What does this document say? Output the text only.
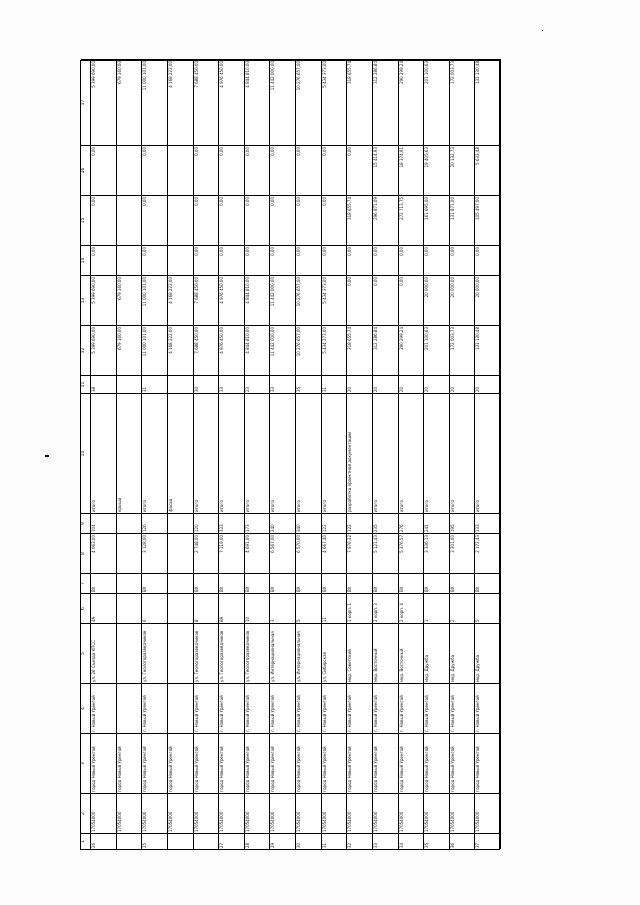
1
2
3
4
5
6
7
8
9
10
11
12
13
14
15
16
17
26
17054000
город Новый Уренгой
г. Новый Уренгой
ул. 26 Съезда КПСС
4А
ВХ
4 063,00
104
итого
38
5 399 690,00
5 399 690,00
0,00
0,00
0,00
5 399 690,00
17054000
город Новый Уренгой
крыша
679 160,00
679 160,00
679 160,00
25
17054000
город Новый Уренгой
г. Новый Уренгой
ул. Геологоразведчиков
6
ВХ
3 128,00
126
итого
31
11 000 101,00
11 000 101,00
0,00
0,00
0,00
11 000 101,00
17054000
город Новый Уренгой
фасад
4 168 222,00
4 168 222,00
4 168 222,00
17054000
город Новый Уренгой
г. Новый Уренгой
ул. Геологоразведчиков
8
ВХ
2 748,00
120
итого
30
7 688 450,00
7 688 450,00
0,00
0,00
0,00
7 688 450,00
27
17054000
город Новый Уренгой
г. Новый Уренгой
ул. Геологоразведчиков
8А
ВХ
7 119,00
333
итого
33
4 976 450,00
4 976 450,00
0,00
0,00
0,00
4 976 450,00
28
17054000
город Новый Уренгой
г. Новый Уренгой
ул. Геологоразведчиков
10
ВХ
4 691,00
173
итого
23
4 844 810,00
4 844 810,00
0,00
0,00
0,00
4 844 810,00
29
17054000
город Новый Уренгой
г. Новый Уренгой
ул. Интернациональная
3
ВХ
6 567,00
240
итого
33
11 442 000,00
11 442 000,00
0,00
0,00
0,00
11 442 000,00
30
17054000
город Новый Уренгой
г. Новый Уренгой
ул. Интернациональная
5
ВХ
6 570,00
340
итого
35
10 276 657,00
10 276 657,00
0,00
0,00
0,00
10 276 657,00
31
17054000
город Новый Уренгой
г. Новый Уренгой
ул. Сибирская
11
ВХ
4 667,40
122
итого
31
5 434 373,00
5 434 373,00
0,00
0,00
0,00
5 434 373,00
32
17054000
город Новый Уренгой
г. Новый Уренгой
мкр. Советский
1 корп. 1
ВХ
7 976,32
122
разработка проектной документации
20
318 655,74
0,00
0,00
318 655,74
0,00
318 655,74
33
17054000
город Новый Уренгой
г. Новый Уренгой
мкр. Восточный
2 корп. 3
ВХ
5 121,43
235
итого
20
312 286,84
0,00
0,00
296 871,09
15 414,93
312 286,84
34
17054000
город Новый Уренгой
г. Новый Уренгой
мкр. Восточный
2 корп. 4
ВХ
5 376,57
276
итого
20
290 299,24
0,00
0,00
272 713,75
18 374,91
290 299,24
35
17054000
город Новый Уренгой
г. Новый Уренгой
мкр. Дружба
1
ВХ
3 336,13
241
итого
20
201 100,63
20 000,00
0,00
161 695,00
19 405,63
201 100,63
36
17054000
город Новый Уренгой
г. Новый Уренгой
мкр. Дружба
2
ВХ
3 301,00
195
итого
20
172 003,73
20 000,00
0,00
131 871,00
20 132,73
172 003,73
37
17054000
город Новый Уренгой
г. Новый Уренгой
мкр. Дружба
5
ВХ
2 172,43
133
итого
20
131 130,48
20 000,00
0,00
105 497,00
5 633,48
131 130,48
